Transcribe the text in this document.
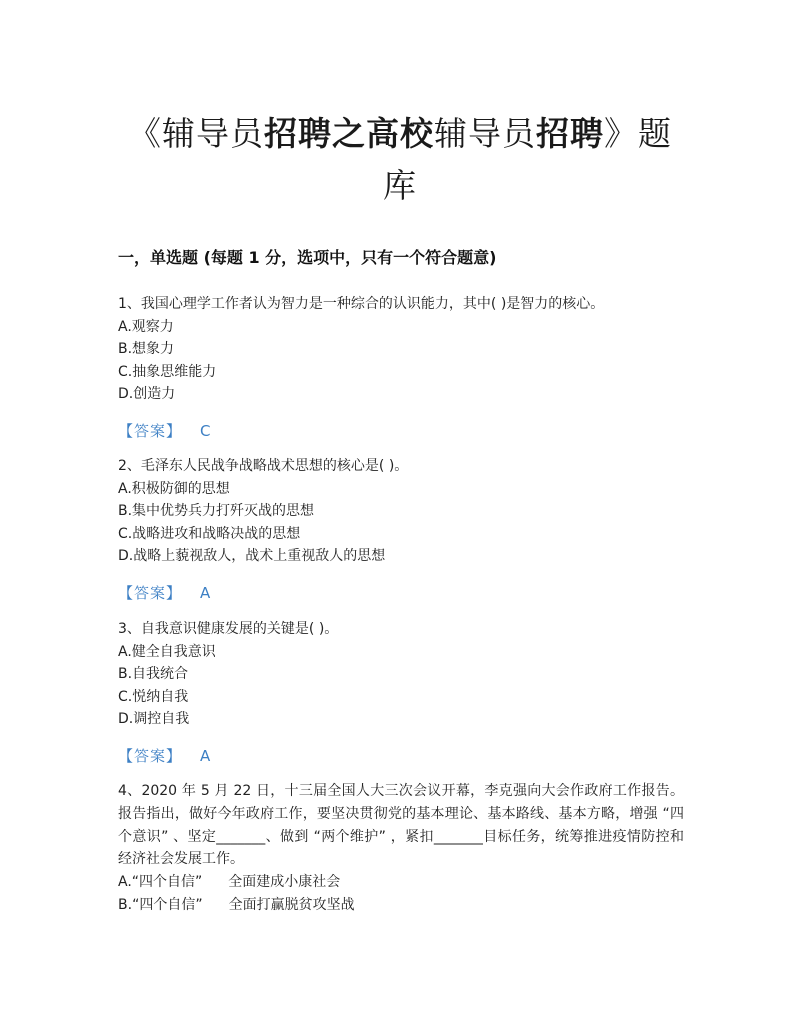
《辅导员招聘之高校辅导员招聘》题
库
一，单选题 (每题 1 分，选项中，只有一个符合题意)
1、我国心理学工作者认为智力是一种综合的认识能力，其中( )是智力的核心。
A.观察力
B.想象力
C.抽象思维能力
D.创造力
【答案】 C
2、毛泽东人民战争战略战术思想的核心是( )。
A.积极防御的思想
B.集中优势兵力打歼灭战的思想
C.战略进攻和战略决战的思想
D.战略上藐视敌人，战术上重视敌人的思想
【答案】 A
3、自我意识健康发展的关键是( )。
A.健全自我意识
B.自我统合
C.悦纳自我
D.调控自我
【答案】 A
4、2020 年 5 月 22 日，十三届全国人大三次会议开幕，李克强向大会作政府工作报告。报告指出，做好今年政府工作，要坚决贯彻党的基本理论、基本路线、基本方略，增强 “四个意识” 、坚定_______、做到 “两个维护” ，紧扣_______目标任务，统筹推进疫情防控和经济社会发展工作。
A.“四个自信” 全面建成小康社会
B.“四个自信” 全面打赢脱贫攻坚战
